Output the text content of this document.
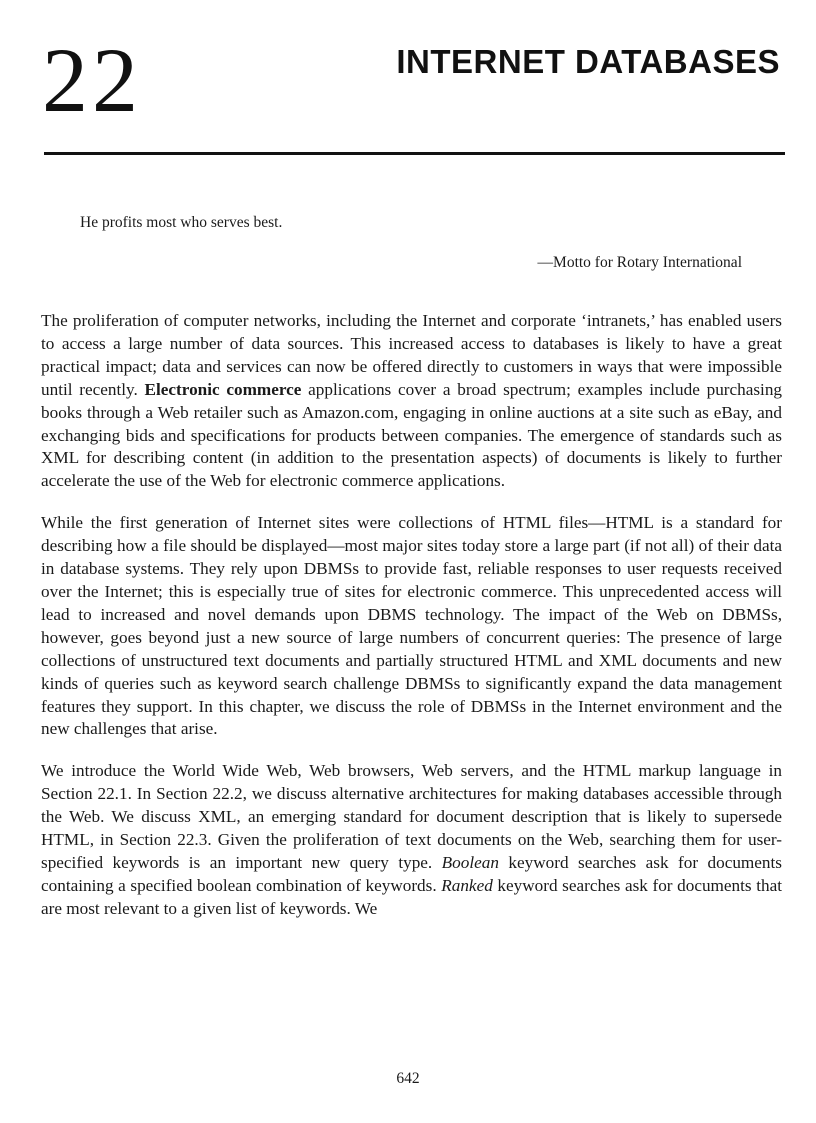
22	INTERNET DATABASES
He profits most who serves best.
—Motto for Rotary International

The proliferation of computer networks, including the Internet and corporate ‘intranets,’ has enabled users to access a large number of data sources. This increased access to databases is likely to have a great practical impact; data and services can now be offered directly to customers in ways that were impossible until recently. Electronic commerce applications cover a broad spectrum; examples include purchasing books through a Web retailer such as Amazon.com, engaging in online auctions at a site such as eBay, and exchanging bids and specifications for products between companies. The emergence of standards such as XML for describing content (in addition to the presentation aspects) of documents is likely to further accelerate the use of the Web for electronic commerce applications.

While the first generation of Internet sites were collections of HTML files—HTML is a standard for describing how a file should be displayed—most major sites today store a large part (if not all) of their data in database systems. They rely upon DBMSs to provide fast, reliable responses to user requests received over the Internet; this is especially true of sites for electronic commerce. This unprecedented access will lead to increased and novel demands upon DBMS technology. The impact of the Web on DBMSs, however, goes beyond just a new source of large numbers of concurrent queries: The presence of large collections of unstructured text documents and partially structured HTML and XML documents and new kinds of queries such as keyword search challenge DBMSs to significantly expand the data management features they support. In this chapter, we discuss the role of DBMSs in the Internet environment and the new challenges that arise.

We introduce the World Wide Web, Web browsers, Web servers, and the HTML markup language in Section 22.1. In Section 22.2, we discuss alternative architectures for making databases accessible through the Web. We discuss XML, an emerging standard for document description that is likely to supersede HTML, in Section 22.3. Given the proliferation of text documents on the Web, searching them for user-specified keywords is an important new query type. Boolean keyword searches ask for documents containing a specified boolean combination of keywords. Ranked keyword searches ask for documents that are most relevant to a given list of keywords. We

642
